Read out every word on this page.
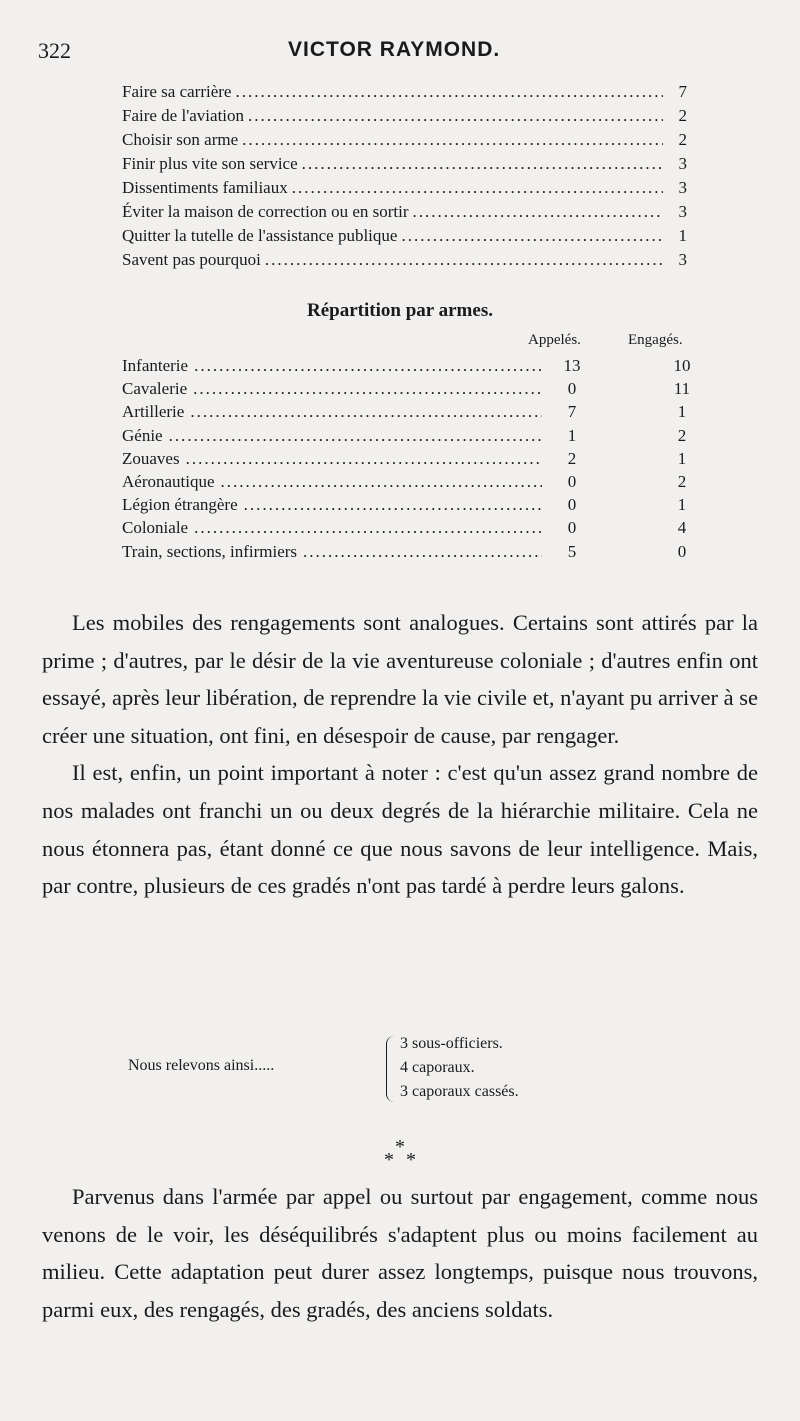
322	VICTOR RAYMOND.
Faire sa carrière .....	7
Faire de l'aviation .....	2
Choisir son arme .....	2
Finir plus vite son service .....	3
Dissentiments familiaux .....	3
Éviter la maison de correction ou en sortir .....	3
Quitter la tutelle de l'assistance publique .....	1
Savent pas pourquoi .....	3
Répartition par armes.
Appelés.	Engagés.
Infanterie .....	13	10
Cavalerie .....	0	11
Artillerie .....	7	1
Génie .....	1	2
Zouaves .....	2	1
Aéronautique .....	0	2
Légion étrangère .....	0	1
Coloniale .....	0	4
Train, sections, infirmiers .....	5	0

Les mobiles des rengagements sont analogues. Certains sont attirés par la prime ; d'autres, par le désir de la vie aventureuse coloniale ; d'autres enfin ont essayé, après leur libération, de reprendre la vie civile et, n'ayant pu arriver à se créer une situation, ont fini, en désespoir de cause, par rengager.

Il est, enfin, un point important à noter : c'est qu'un assez grand nombre de nos malades ont franchi un ou deux degrés de la hiérarchie militaire. Cela ne nous étonnera pas, étant donné ce que nous savons de leur intelligence. Mais, par contre, plusieurs de ces gradés n'ont pas tardé à perdre leurs galons.

Nous relevons ainsi.....
3 sous-officiers.
4 caporaux.
3 caporaux cassés.
*
* *

Parvenus dans l'armée par appel ou surtout par engagement, comme nous venons de le voir, les déséquilibrés s'adaptent plus ou moins facilement au milieu. Cette adaptation peut durer assez longtemps, puisque nous trouvons, parmi eux, des rengagés, des gradés, des anciens soldats.
